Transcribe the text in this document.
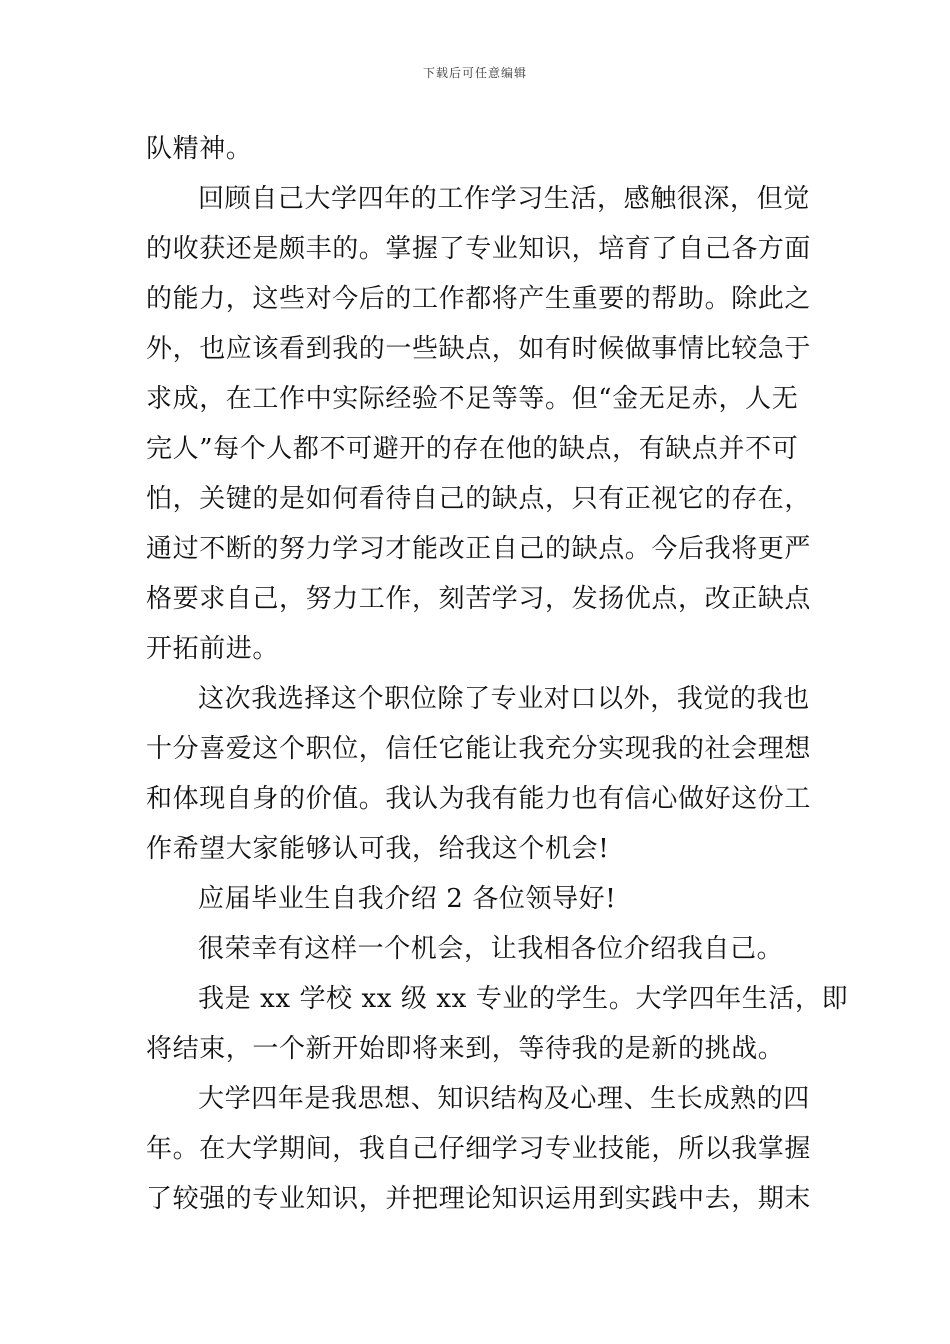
下载后可任意编辑
队精神。
回顾自己大学四年的工作学习生活，感触很深，但觉
的收获还是颇丰的。掌握了专业知识，培育了自己各方面
的能力，这些对今后的工作都将产生重要的帮助。除此之
外，也应该看到我的一些缺点，如有时候做事情比较急于
求成，在工作中实际经验不足等等。但“金无足赤，人无
完人”每个人都不可避开的存在他的缺点，有缺点并不可
怕，关键的是如何看待自己的缺点，只有正视它的存在，
通过不断的努力学习才能改正自己的缺点。今后我将更严
格要求自己，努力工作，刻苦学习，发扬优点，改正缺点
开拓前进。
这次我选择这个职位除了专业对口以外，我觉的我也
十分喜爱这个职位，信任它能让我充分实现我的社会理想
和体现自身的价值。我认为我有能力也有信心做好这份工
作希望大家能够认可我，给我这个机会!
应届毕业生自我介绍 2 各位领导好!
很荣幸有这样一个机会，让我相各位介绍我自己。
我是 xx 学校 xx 级 xx 专业的学生。大学四年生活，即
将结束，一个新开始即将来到，等待我的是新的挑战。
大学四年是我思想、知识结构及心理、生长成熟的四
年。在大学期间，我自己仔细学习专业技能，所以我掌握
了较强的专业知识，并把理论知识运用到实践中去，期末
